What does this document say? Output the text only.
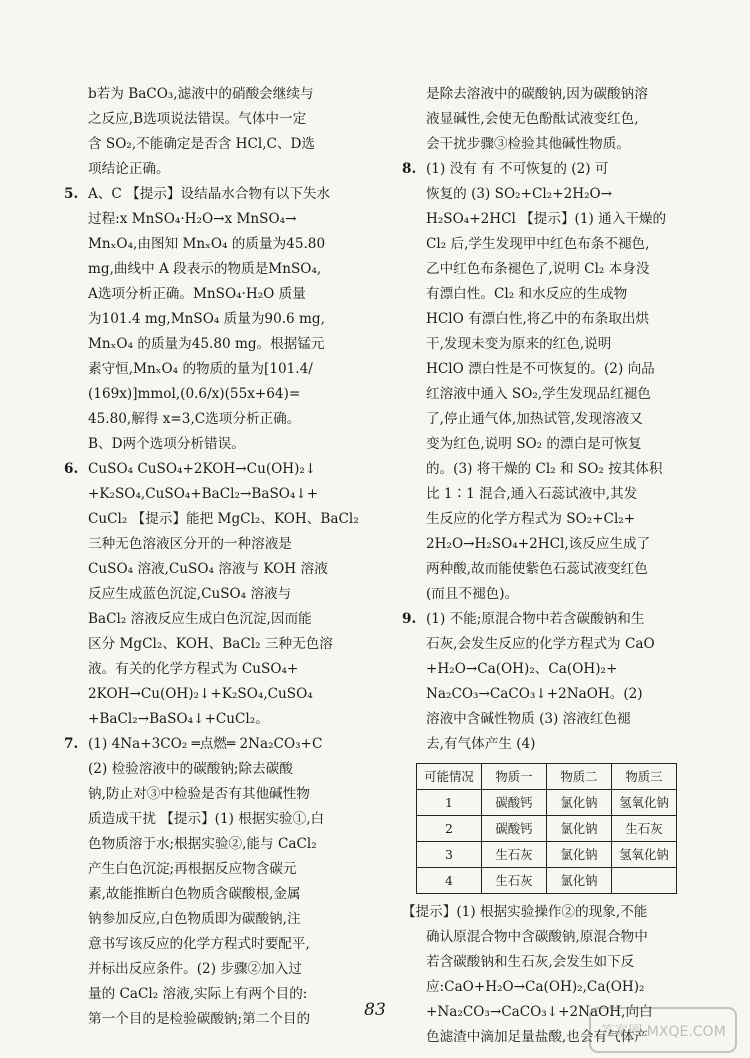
b若为 BaCO₃,滤液中的硝酸会继续与

之反应,B选项说法错误。气体中一定

含 SO₂,不能确定是否含 HCl,C、D选

项结论正确。

5. A、C 【提示】设结晶水合物有以下失水

过程:x MnSO₄·H₂O→x MnSO₄→

MnₓO₄,由图知 MnₓO₄ 的质量为45.80

mg,曲线中 A 段表示的物质是MnSO₄,

A选项分析正确。MnSO₄·H₂O 质量

为101.4 mg,MnSO₄ 质量为90.6 mg,

MnₓO₄ 的质量为45.80 mg。根据锰元

素守恒,MnₓO₄ 的物质的量为[101.4/

(169x)]mmol,(0.6/x)(55x+64)=

45.80,解得 x=3,C选项分析正确。

B、D两个选项分析错误。

6. CuSO₄ CuSO₄+2KOH→Cu(OH)₂↓

+K₂SO₄,CuSO₄+BaCl₂→BaSO₄↓+

CuCl₂ 【提示】能把 MgCl₂、KOH、BaCl₂

三种无色溶液区分开的一种溶液是

CuSO₄ 溶液,CuSO₄ 溶液与 KOH 溶液

反应生成蓝色沉淀,CuSO₄ 溶液与

BaCl₂ 溶液反应生成白色沉淀,因而能

区分 MgCl₂、KOH、BaCl₂ 三种无色溶

液。有关的化学方程式为 CuSO₄+

2KOH→Cu(OH)₂↓+K₂SO₄,CuSO₄

+BaCl₂→BaSO₄↓+CuCl₂。

7. (1) 4Na+3CO₂ ═点燃═ 2Na₂CO₃+C

(2) 检验溶液中的碳酸钠;除去碳酸

钠,防止对③中检验是否有其他碱性物

质造成干扰 【提示】(1) 根据实验①,白

色物质溶于水;根据实验②,能与 CaCl₂

产生白色沉淀;再根据反应物含碳元

素,故能推断白色物质含碳酸根,金属

钠参加反应,白色物质即为碳酸钠,注

意书写该反应的化学方程式时要配平,

并标出反应条件。(2) 步骤②加入过

量的 CaCl₂ 溶液,实际上有两个目的:

第一个目的是检验碳酸钠;第二个目的

是除去溶液中的碳酸钠,因为碳酸钠溶

液显碱性,会使无色酚酞试液变红色,

会干扰步骤③检验其他碱性物质。

8. (1) 没有 有 不可恢复的 (2) 可

恢复的 (3) SO₂+Cl₂+2H₂O→

H₂SO₄+2HCl 【提示】(1) 通入干燥的

Cl₂ 后,学生发现甲中红色布条不褪色,

乙中红色布条褪色了,说明 Cl₂ 本身没

有漂白性。Cl₂ 和水反应的生成物

HClO 有漂白性,将乙中的布条取出烘

干,发现未变为原来的红色,说明

HClO 漂白性是不可恢复的。(2) 向品

红溶液中通入 SO₂,学生发现品红褪色

了,停止通气体,加热试管,发现溶液又

变为红色,说明 SO₂ 的漂白是可恢复

的。(3) 将干燥的 Cl₂ 和 SO₂ 按其体积

比 1∶1 混合,通入石蕊试液中,其发

生反应的化学方程式为 SO₂+Cl₂+

2H₂O→H₂SO₄+2HCl,该反应生成了

两种酸,故而能使紫色石蕊试液变红色

(而且不褪色)。

9. (1) 不能;原混合物中若含碳酸钠和生

石灰,会发生反应的化学方程式为 CaO

+H₂O→Ca(OH)₂、Ca(OH)₂+

Na₂CO₃→CaCO₃↓+2NaOH。(2)

溶液中含碱性物质 (3) 溶液红色褪

去,有气体产生 (4)

可能情况	物质一	物质二	物质三
1	碳酸钙	氯化钠	氢氧化钠
2	碳酸钙	氯化钠	生石灰
3	生石灰	氯化钠	氢氧化钠
4	生石灰	氯化钠	

【提示】(1) 根据实验操作②的现象,不能

确认原混合物中含碳酸钠,原混合物中

若含碳酸钠和生石灰,会发生如下反

应:CaO+H₂O→Ca(OH)₂,Ca(OH)₂

+Na₂CO₃→CaCO₃↓+2NaOH,向白

色滤渣中滴加足量盐酸,也会有气体产

83
答案圈 MXQE.COM
